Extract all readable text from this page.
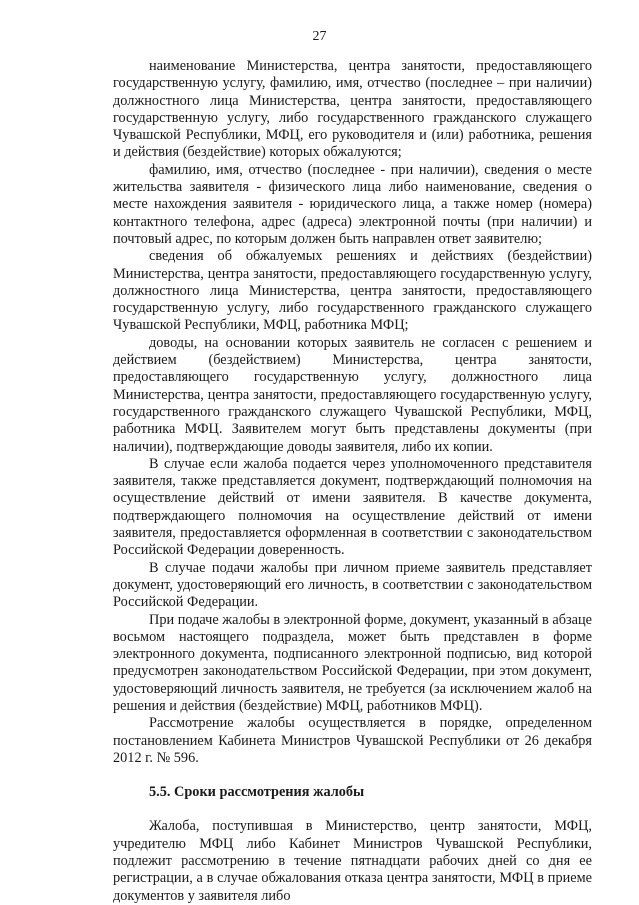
27

наименование Министерства, центра занятости, предоставляющего государственную услугу, фамилию, имя, отчество (последнее – при наличии) должностного лица Министерства, центра занятости, предоставляющего государственную услугу, либо государственного гражданского служащего Чувашской Республики, МФЦ, его руководителя и (или) работника, решения и действия (бездействие) которых обжалуются;

фамилию, имя, отчество (последнее - при наличии), сведения о месте жительства заявителя - физического лица либо наименование, сведения о месте нахождения заявителя - юридического лица, а также номер (номера) контактного телефона, адрес (адреса) электронной почты (при наличии) и почтовый адрес, по которым должен быть направлен ответ заявителю;

сведения об обжалуемых решениях и действиях (бездействии) Министерства, центра занятости, предоставляющего государственную услугу, должностного лица Министерства, центра занятости, предоставляющего государственную услугу, либо государственного гражданского служащего Чувашской Республики, МФЦ, работника МФЦ;

доводы, на основании которых заявитель не согласен с решением и действием (бездействием) Министерства, центра занятости, предоставляющего государственную услугу, должностного лица Министерства, центра занятости, предоставляющего государственную услугу, государственного гражданского служащего Чувашской Республики, МФЦ, работника МФЦ. Заявителем могут быть представлены документы (при наличии), подтверждающие доводы заявителя, либо их копии.

В случае если жалоба подается через уполномоченного представителя заявителя, также представляется документ, подтверждающий полномочия на осуществление действий от имени заявителя. В качестве документа, подтверждающего полномочия на осуществление действий от имени заявителя, предоставляется оформленная в соответствии с законодательством Российской Федерации доверенность.

В случае подачи жалобы при личном приеме заявитель представляет документ, удостоверяющий его личность, в соответствии с законодательством Российской Федерации.

При подаче жалобы в электронной форме, документ, указанный в абзаце восьмом настоящего подраздела, может быть представлен в форме электронного документа, подписанного электронной подписью, вид которой предусмотрен законодательством Российской Федерации, при этом документ, удостоверяющий личность заявителя, не требуется (за исключением жалоб на решения и действия (бездействие) МФЦ, работников МФЦ).

Рассмотрение жалобы осуществляется в порядке, определенном постановлением Кабинета Министров Чувашской Республики от 26 декабря 2012 г. № 596.

5.5. Сроки рассмотрения жалобы

Жалоба, поступившая в Министерство, центр занятости, МФЦ, учредителю МФЦ либо Кабинет Министров Чувашской Республики, подлежит рассмотрению в течение пятнадцати рабочих дней со дня ее регистрации, а в случае обжалования отказа центра занятости, МФЦ в приеме документов у заявителя либо
